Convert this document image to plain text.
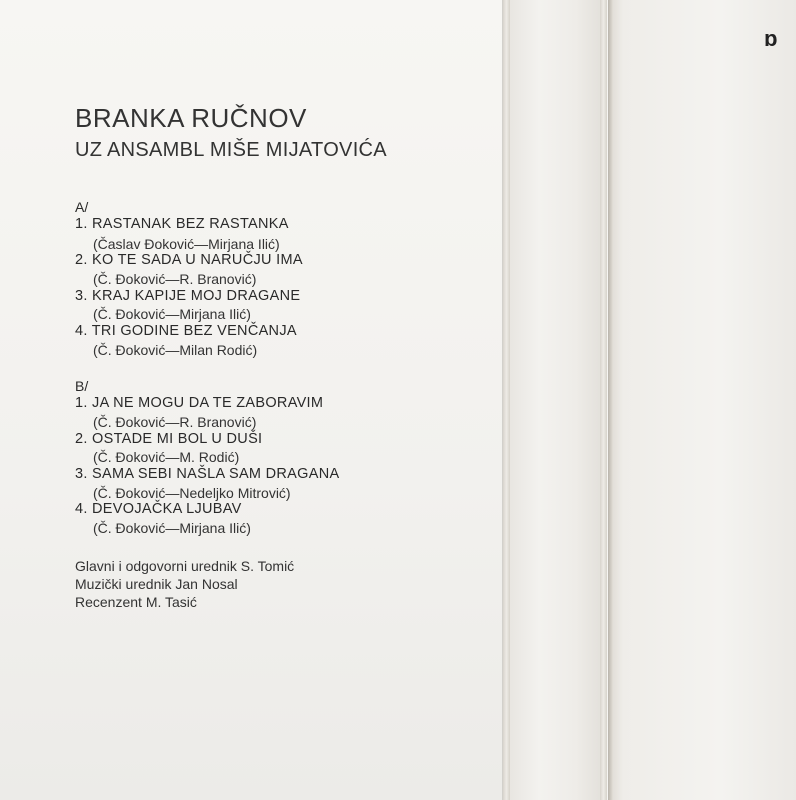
BRANKA RUČNOV
UZ ANSAMBL MIŠE MIJATOVIĆA
A/
1. RASTANAK BEZ RASTANKA
(Časlav Đoković—Mirjana Ilić)
2. KO TE SADA U NARUČJU IMA
(Č. Đoković—R. Branović)
3. KRAJ KAPIJE MOJ DRAGANE
(Č. Đoković—Mirjana Ilić)
4. TRI GODINE BEZ VENČANJA
(Č. Đoković—Milan Rodić)
B/
1. JA NE MOGU DA TE ZABORAVIM
(Č. Đoković—R. Branović)
2. OSTADE MI BOL U DUŠI
(Č. Đoković—M. Rodić)
3. SAMA SEBI NAŠLA SAM DRAGANA
(Č. Đoković—Nedeljko Mitrović)
4. DEVOJAČKA LJUBAV
(Č. Đoković—Mirjana Ilić)
Glavni i odgovorni urednik S. Tomić
Muzički urednik Jan Nosal
Recenzent M. Tasić
ɑ
